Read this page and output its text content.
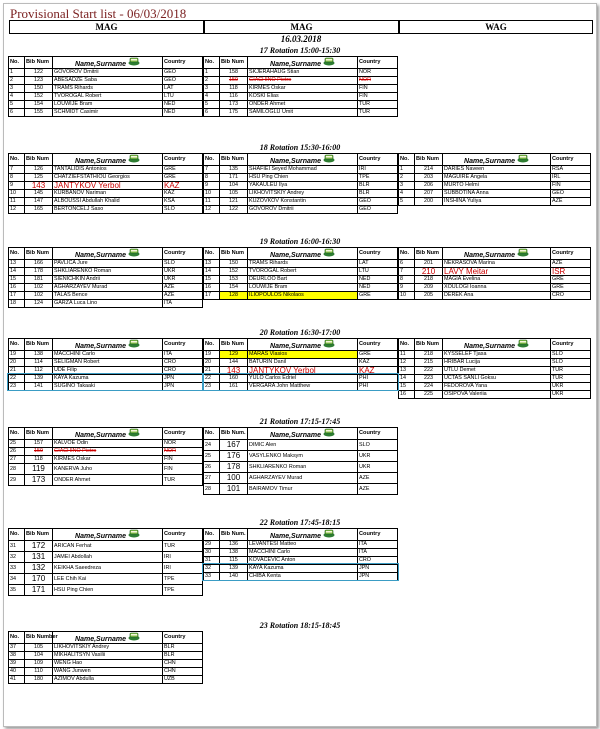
Provisional Start list - 06/03/2018
MAG	MAG	WAG
16.03.2018
17 Rotation 15:00-15:30
No.	Bib Num	Name,Surname	Country
1	122	GOVOROV Dmitrii	GEO
2	123	ABESADZE Saba	GEO
3	150	TRAMS Rihards	LAT
4	152	TVOROGAL Robert	LTU
5	154	LOUWIJE Bram	NED
6	155	SCHMIDT Casimir	NED
No.	Bib Num	Name,Surname	Country
1	158	SKJERAHAUG Stian	NOR
2	159	GIACHINO Pietro	NOR
3	118	KIRMES Oskar	FIN
4	116	KOSKI Elias	FIN
5	173	ONDER Ahmet	TUR
6	175	SAMILOGLU Umit	TUR
18 Rotation 15:30-16:00
No.	Bib Num	Name,Surname	Country
7	126	TANTALIDIS Antonios	GRE
8	125	CHATZIEFSTATHIOU Georgios	GRE
9	143	JANTYKOV Yerbol	KAZ
10	145	KURBANOV Nariman	KAZ
11	147	ALBOUSSI Abdullah Khalid	KSA
12	165	BERTONCELJ Saso	SLO
No.	Bib Num	Name,Surname	Country
7	135	SHAFIEI Seyed Mohammad	IRI
8	171	HSU Ping Chien	TPE
9	104	YAKAULEU Ilya	BLR
10	105	LIKHOVITSKIY Andrey	BLR
11	121	KUZOVKOV Konstantin	GEO
12	122	GOVOROV Dmitrii	GEO
No.	Bib Num	Name,Surname	Country
1	214	DARIES Naveen	RSA
2	203	MAGUIRE Angela	IRL
3	206	MURTO Helmi	FIN
4	207	SUBBOTINA Anna	GEO
5	200	INSHINA Yuliya	AZE
19 Rotation 16:00-16:30
No.	Bib Num	Name,Surname	Country
13	166	PAVLICA Jure	SLO
14	178	SHKLIARENKO Roman	UKR
15	181	SIENICHKIN Andrii	UKR
16	102	AGHARZAYEV Murad	AZE
17	102	TALAS Bence	AZE
18	124	GARZA Luca Lino	ITA
No.	Bib Num	Name,Surname	Country
13	150	TRAMS Rihards	LAT
14	152	TVOROGAL Robert	LTU
15	153	DEURLOO Bart	NED
16	154	LOUWIJE Bram	NED
17	128	ILIOPOULOS Nikolaos	GRE
No.	Bib Num	Name,Surname	Country
6	201	NEKRASOVA Marina	AZE
7	210	LAVY Meitar	ISR
8	218	MAGIA Evelina	GRE
9	209	XOULOGI Ioanna	GRE
10	205	DEREK Ana	CRO
20 Rotation 16:30-17:00
No.	Bib Num	Name,Surname	Country
19	138	MACCHINI Carlo	ITA
20	114	SELIGMAN Robert	CRO
21	112	UDE Filip	CRO
22	139	KAYA Kazuma	JPN
23	141	SUGINO Takaaki	JPN
No.	Bib Num	Name,Surname	Country
19	129	MARAS Vlasios	GRE
20	144	BATURIN Danil	KAZ
21	143	JANTYKOV Yerbol	KAZ
22	160	YULO Carlos Edriel	PHI
23	161	VERGARA John Matthew	PHI
No.	Bib Num	Name,Surname	Country
11	218	KYSSELEF Tjasa	SLO
12	215	HRIBAR Lucija	SLO
13	222	UTLU Demet	TUR
14	223	UCTAS SANLI Goksu	TUR
15	224	FEDOROVA Yana	UKR
16	225	OSIPOVA Valeriia	UKR
21 Rotation 17:15-17:45
No.	Bib Num	Name,Surname	Country
25	157	KALVOE Odin	NOR
26	159	GIACHINO Pietro	NOR
27	118	KIRMES Oskar	FIN
28	119	KANERVA Juho	FIN
29	173	ONDER Ahmet	TUR
No.	Bib Num.	Name,Surname	Country
24	167	DIMIC Alen	SLO
25	176	VASYLENKO Maksym	UKR
26	178	SHKLIARENKO Roman	UKR
27	100	AGHARZAYEV Murad	AZE
28	101	BAIRAMOV Timur	AZE
22 Rotation 17:45-18:15
No.	Bib Num	Name,Surname	Country
31	172	ARICAN Ferhat	TUR
32	131	JAMEI Abdollah	IRI
33	132	KEIKHA Saeedreza	IRI
34	170	LEE Chih Kai	TPE
35	171	HSU Ping Chien	TPE
No.	Bib Num.	Name,Surname	Country
29	136	LEVANTESI Matteo	ITA
30	138	MACCHINI Carlo	ITA
31	115	KOVACEVIC Anton	CRO
32	139	KAYA Kazuma	JPN
33	140	CHIBA Kenta	JPN
23 Rotation 18:15-18:45
No.	Bib Number	Name,Surname	Country
37	105	LIKHOVITSKIY Andrey	BLR
38	104	MIKHALITSYN Vasilii	BLR
39	109	WENG Hao	CHN
40	110	WANG Junwen	CHN
41	180	AZIMOV Abdulla	UZB
